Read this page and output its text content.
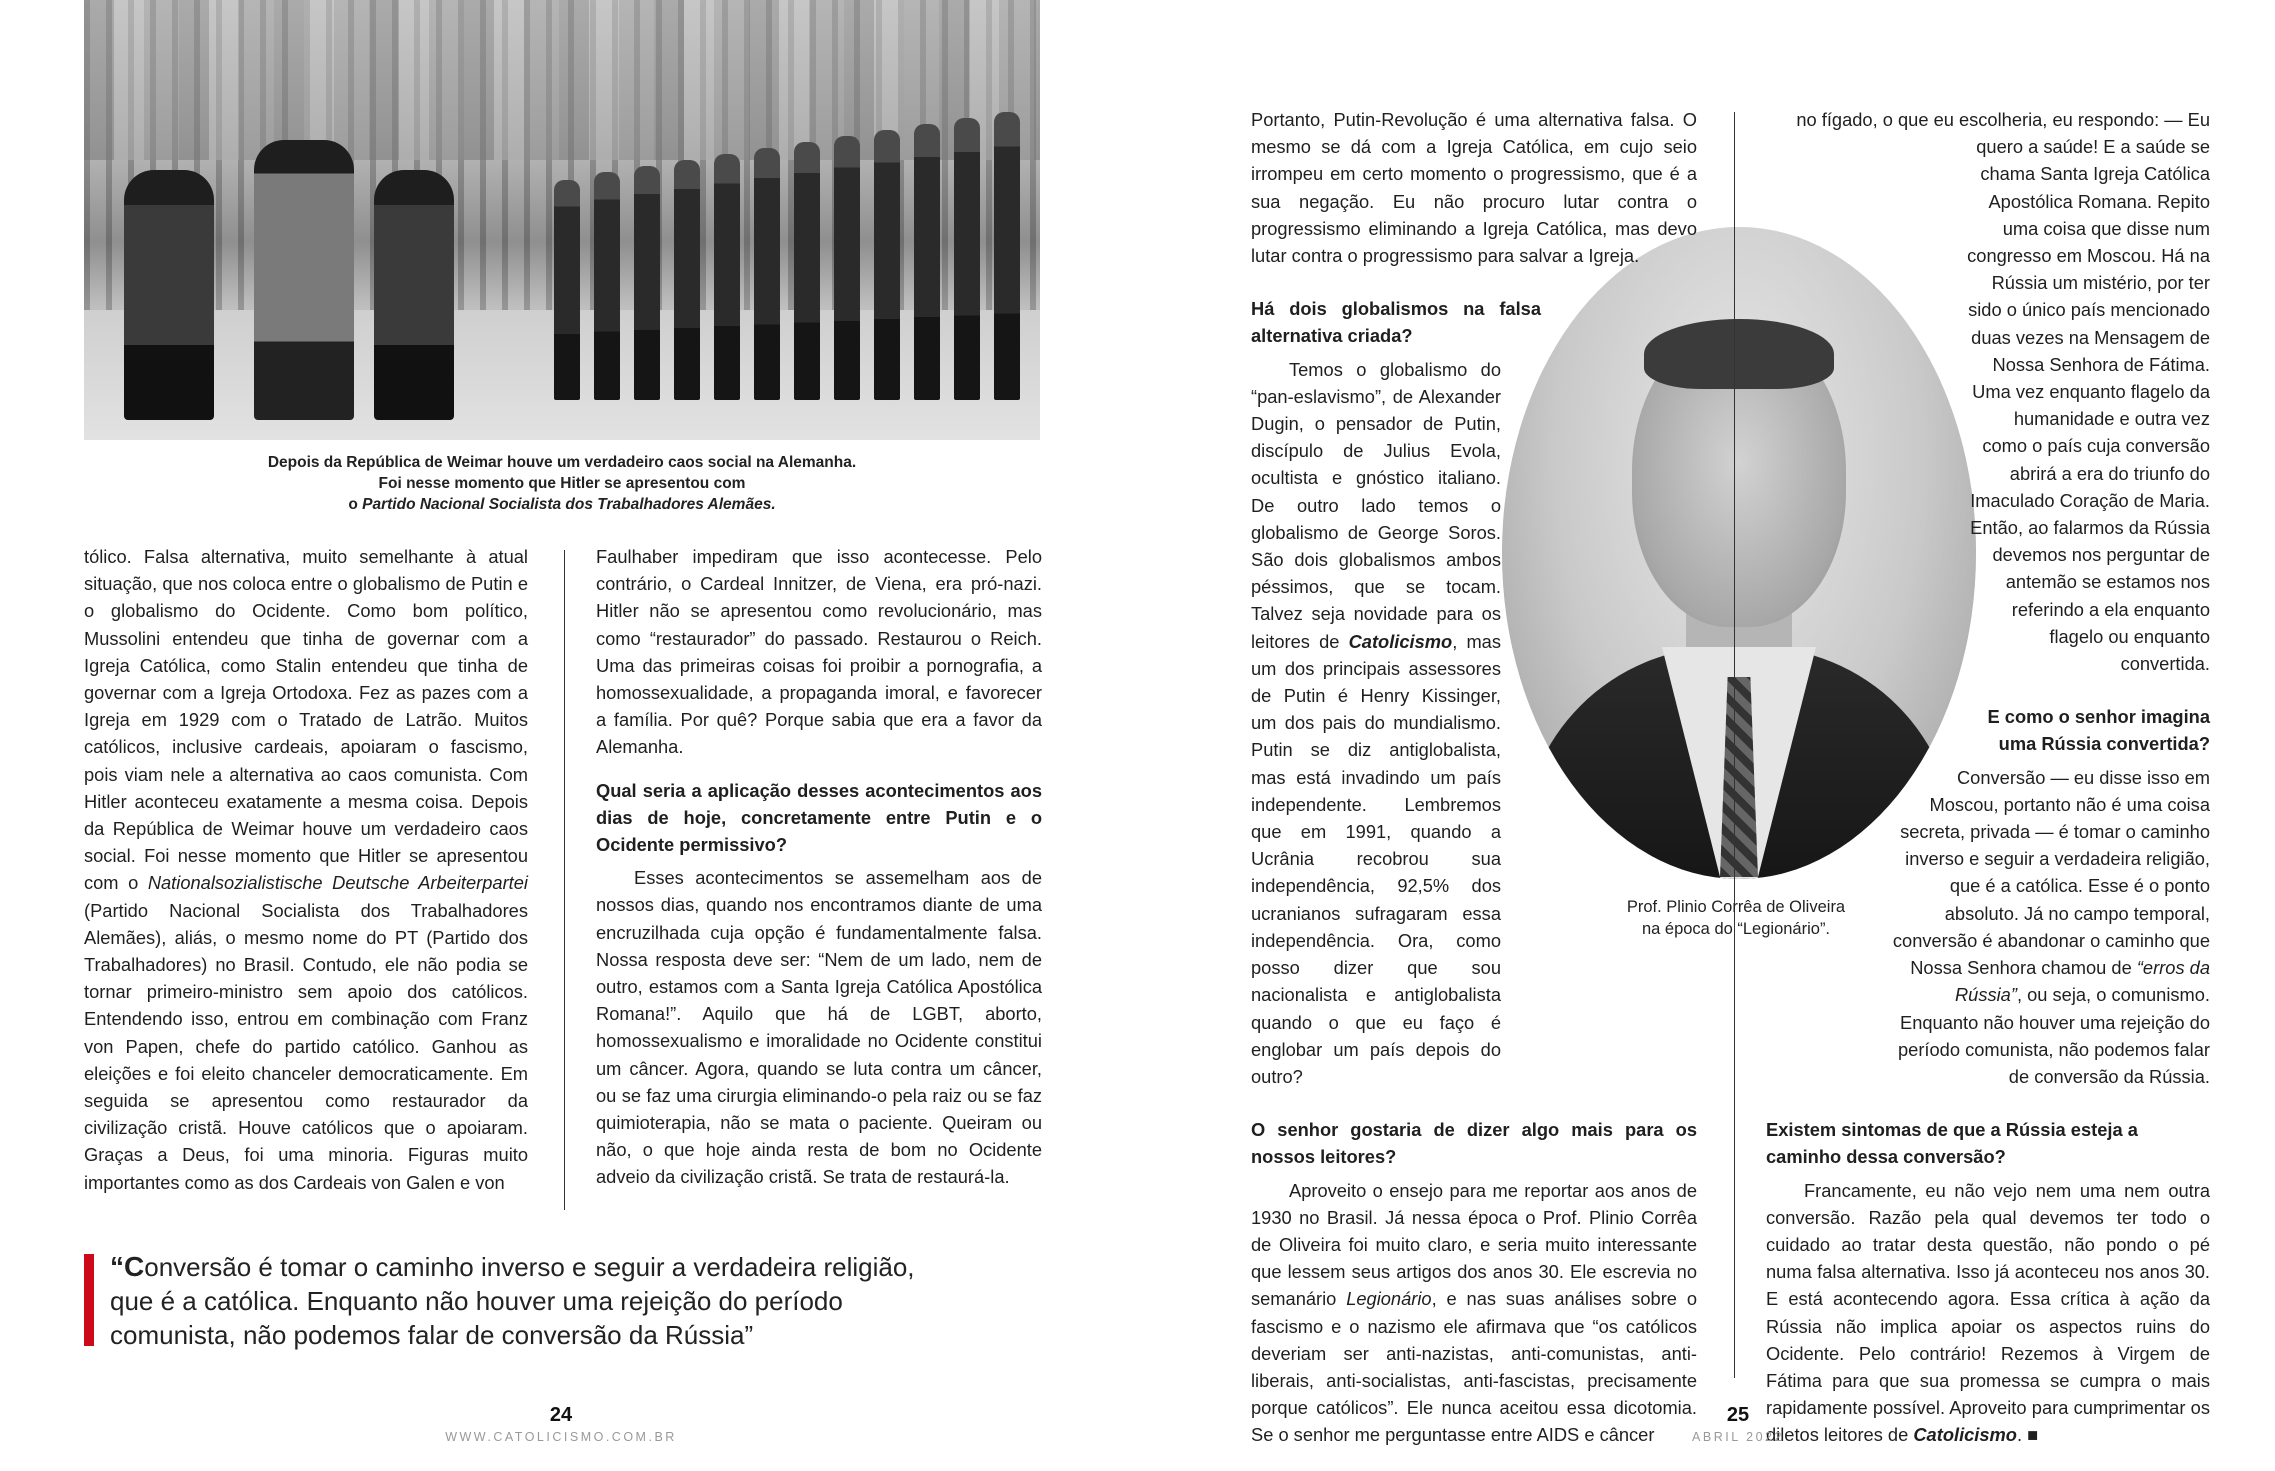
Depois da República de Weimar houve um verdadeiro caos social na Alemanha.
Foi nesse momento que Hitler se apresentou com
o Partido Nacional Socialista dos Trabalhadores Alemães.

tólico. Falsa alternativa, muito semelhante à atual situação, que nos coloca entre o globalismo de Putin e o globalismo do Ocidente. Como bom político, Mussolini entendeu que tinha de governar com a Igreja Católica, como Stalin entendeu que tinha de governar com a Igreja Ortodoxa. Fez as pazes com a Igreja em 1929 com o Tratado de Latrão. Muitos católicos, inclusive cardeais, apoiaram o fascismo, pois viam nele a alternativa ao caos comunista. Com Hitler aconteceu exatamente a mesma coisa. Depois da República de Weimar houve um verdadeiro caos social. Foi nesse momento que Hitler se apresentou com o Nationalsozialistische Deutsche Arbeiterpartei (Partido Nacional Socialista dos Trabalhadores Alemães), aliás, o mesmo nome do PT (Partido dos Trabalhadores) no Brasil. Contudo, ele não podia se tornar primeiro-ministro sem apoio dos católicos. Entendendo isso, entrou em combinação com Franz von Papen, chefe do partido católico. Ganhou as eleições e foi eleito chanceler democraticamente. Em seguida se apresentou como restaurador da civilização cristã. Houve católicos que o apoiaram. Graças a Deus, foi uma minoria. Figuras muito importantes como as dos Cardeais von Galen e von

Faulhaber impediram que isso acontecesse. Pelo contrário, o Cardeal Innitzer, de Viena, era pró-nazi. Hitler não se apresentou como revolucionário, mas como “restaurador” do passado. Restaurou o Reich. Uma das primeiras coisas foi proibir a pornografia, a homossexualidade, a propaganda imoral, e favorecer a família. Por quê? Porque sabia que era a favor da Alemanha.

Qual seria a aplicação desses acontecimentos aos dias de hoje, concretamente entre Putin e o Ocidente permissivo?

Esses acontecimentos se assemelham aos de nossos dias, quando nos encontramos diante de uma encruzilhada cuja opção é fundamentalmente falsa. Nossa resposta deve ser: “Nem de um lado, nem de outro, estamos com a Santa Igreja Católica Apostólica Romana!”. Aquilo que há de LGBT, aborto, homossexualismo e imoralidade no Ocidente constitui um câncer. Agora, quando se luta contra um câncer, ou se faz uma cirurgia eliminando-o pela raiz ou se faz quimioterapia, não se mata o paciente. Queiram ou não, o que hoje ainda resta de bom no Ocidente adveio da civilização cristã. Se trata de restaurá-la.

“Conversão é tomar o caminho inverso e seguir a verdadeira religião, que é a católica. Enquanto não houver uma rejeição do período comunista, não podemos falar de conversão da Rússia”
24
WWW.CATOLICISMO.COM.BR

Portanto, Putin-Revolução é uma alternativa falsa. O mesmo se dá com a Igreja Católica, em cujo seio irrompeu em certo momento o progressismo, que é a sua negação. Eu não procuro lutar contra o progressismo eliminando a Igreja Católica, mas devo lutar contra o progressismo para salvar a Igreja.

Há dois globalismos na falsa alternativa criada?

Temos o globalismo do “pan-eslavismo”, de Alexander Dugin, o pensador de Putin, discípulo de Julius Evola, ocultista e gnóstico italiano. De outro lado temos o globalismo de George Soros. São dois globalismos ambos péssimos, que se tocam. Talvez seja novidade para os leitores de Catolicismo, mas um dos principais assessores de Putin é Henry Kissinger, um dos pais do mundialismo. Putin se diz antiglobalista, mas está invadindo um país independente. Lembremos que em 1991, quando a Ucrânia recobrou sua independência, 92,5% dos ucranianos sufragaram essa independência. Ora, como posso dizer que sou nacionalista e antiglobalista quando o que eu faço é englobar um país depois do outro?

O senhor gostaria de dizer algo mais para os nossos leitores?

Aproveito o ensejo para me reportar aos anos de 1930 no Brasil. Já nessa época o Prof. Plinio Corrêa de Oliveira foi muito claro, e seria muito interessante que lessem seus artigos dos anos 30. Ele escrevia no semanário Legionário, e nas suas análises sobre o fascismo e o nazismo ele afirmava que “os católicos deveriam ser anti-nazistas, anti-comunistas, anti-liberais, anti-socialistas, anti-fascistas, precisamente porque católicos”. Ele nunca aceitou essa dicotomia. Se o senhor me perguntasse entre AIDS e câncer

no fígado, o que eu escolheria, eu respondo: — Eu quero a saúde! E a saúde se chama Santa Igreja Católica Apostólica Romana. Repito uma coisa que disse num congresso em Moscou. Há na Rússia um mistério, por ter sido o único país mencionado duas vezes na Mensagem de Nossa Senhora de Fátima. Uma vez enquanto flagelo da humanidade e outra vez como o país cuja conversão abrirá a era do triunfo do Imaculado Coração de Maria. Então, ao falarmos da Rússia devemos nos perguntar de antemão se estamos nos referindo a ela enquanto flagelo ou enquanto convertida.

E como o senhor imagina uma Rússia convertida?

Conversão — eu disse isso em Moscou, portanto não é uma coisa secreta, privada — é tomar o caminho inverso e seguir a verdadeira religião, que é a católica. Esse é o ponto absoluto. Já no campo temporal, conversão é abandonar o caminho que Nossa Senhora chamou de “erros da Rússia”, ou seja, o comunismo. Enquanto não houver uma rejeição do período comunista, não podemos falar de conversão da Rússia.

Existem sintomas de que a Rússia esteja a caminho dessa conversão?

Francamente, eu não vejo nem uma nem outra conversão. Razão pela qual devemos ter todo o cuidado ao tratar desta questão, não pondo o pé numa falsa alternativa. Isso já aconteceu nos anos 30. E está acontecendo agora. Essa crítica à ação da Rússia não implica apoiar os aspectos ruins do Ocidente. Pelo contrário! Rezemos à Virgem de Fátima para que sua promessa se cumpra o mais rapidamente possível. Aproveito para cumprimentar os diletos leitores de Catolicismo. ■

Prof. Plinio Corrêa de Oliveira
na época do “Legionário”.
25
ABRIL 2022
